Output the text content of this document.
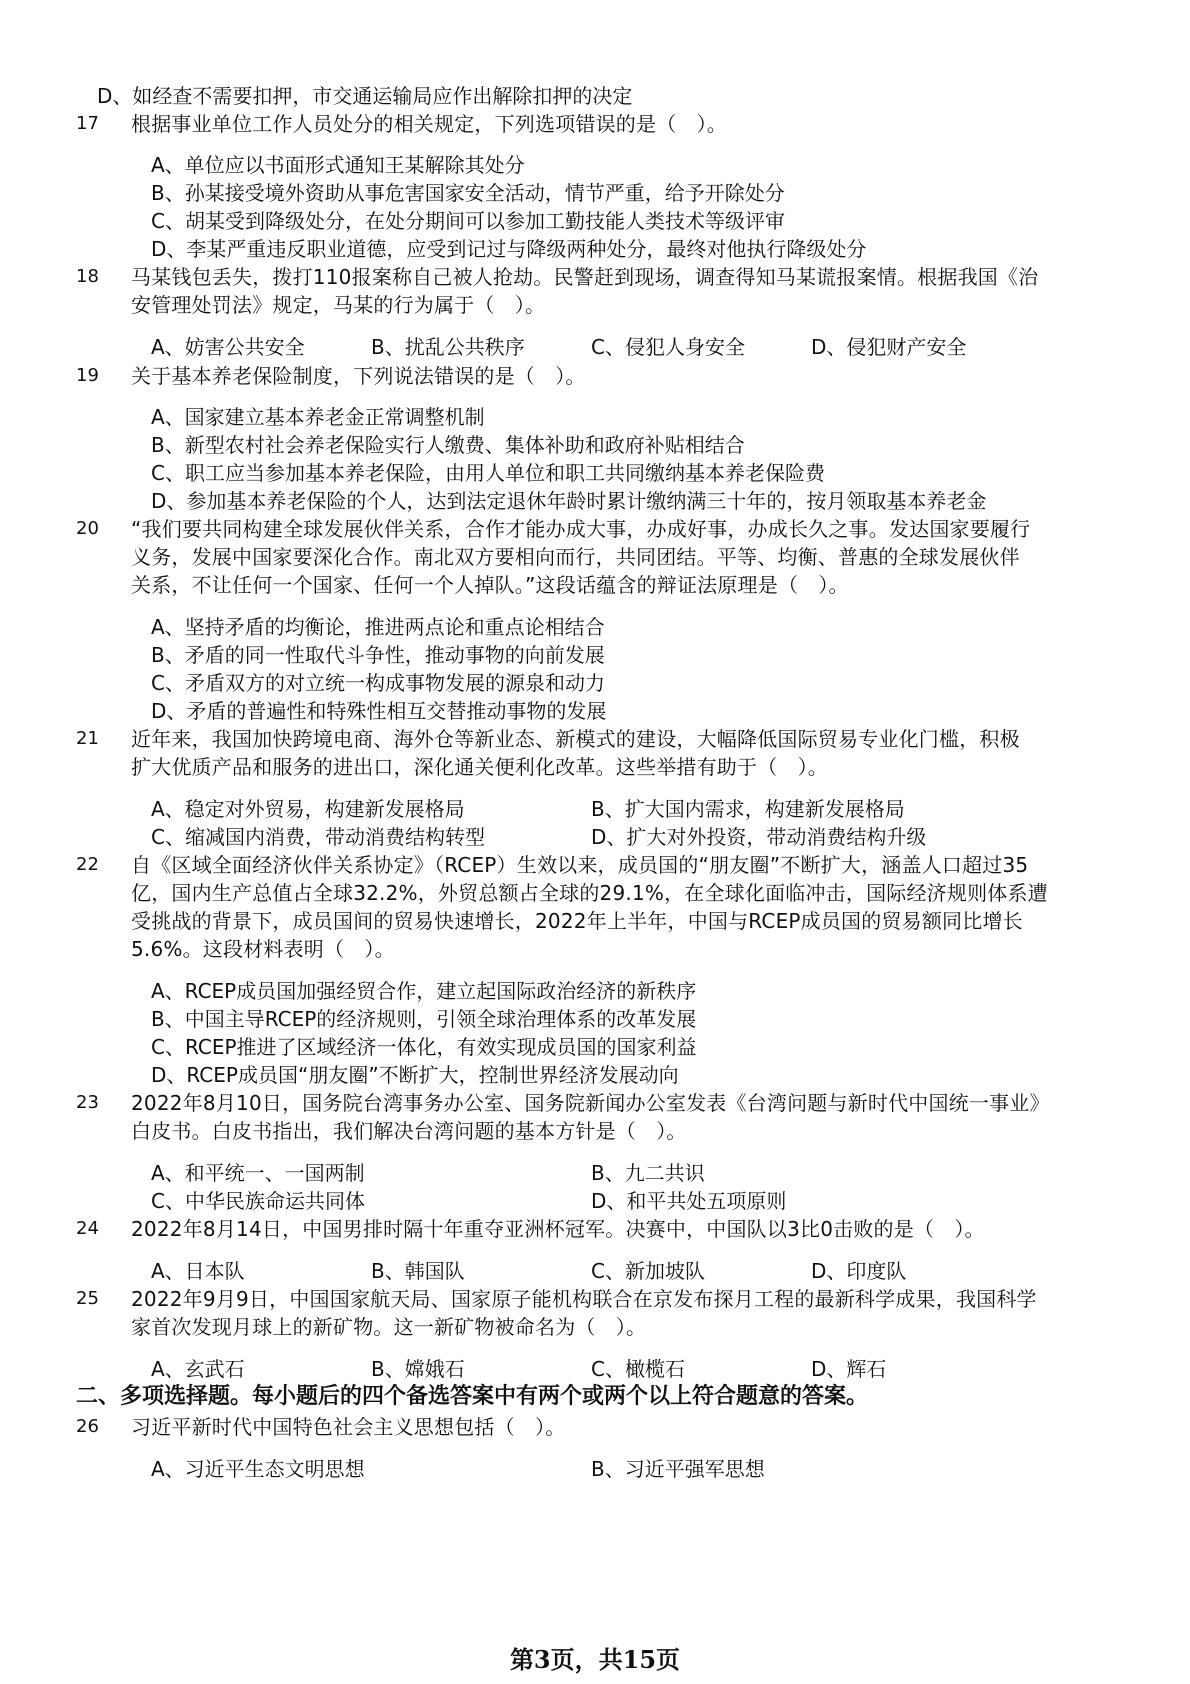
D、如经查不需要扣押，市交通运输局应作出解除扣押的决定
17 根据事业单位工作人员处分的相关规定，下列选项错误的是（　）。
A、单位应以书面形式通知王某解除其处分
B、孙某接受境外资助从事危害国家安全活动，情节严重，给予开除处分
C、胡某受到降级处分，在处分期间可以参加工勤技能人类技术等级评审
D、李某严重违反职业道德，应受到记过与降级两种处分，最终对他执行降级处分
18 马某钱包丢失，拨打110报案称自己被人抢劫。民警赶到现场，调查得知马某谎报案情。根据我国《治
安管理处罚法》规定，马某的行为属于（　）。
A、妨害公共安全	B、扰乱公共秩序	C、侵犯人身安全	D、侵犯财产安全
19 关于基本养老保险制度，下列说法错误的是（　）。
A、国家建立基本养老金正常调整机制
B、新型农村社会养老保险实行人缴费、集体补助和政府补贴相结合
C、职工应当参加基本养老保险，由用人单位和职工共同缴纳基本养老保险费
D、参加基本养老保险的个人，达到法定退休年龄时累计缴纳满三十年的，按月领取基本养老金
20 “我们要共同构建全球发展伙伴关系，合作才能办成大事，办成好事，办成长久之事。发达国家要履行
义务，发展中国家要深化合作。南北双方要相向而行，共同团结。平等、均衡、普惠的全球发展伙伴
关系，不让任何一个国家、任何一个人掉队。”这段话蕴含的辩证法原理是（　）。
A、坚持矛盾的均衡论，推进两点论和重点论相结合
B、矛盾的同一性取代斗争性，推动事物的向前发展
C、矛盾双方的对立统一构成事物发展的源泉和动力
D、矛盾的普遍性和特殊性相互交替推动事物的发展
21 近年来，我国加快跨境电商、海外仓等新业态、新模式的建设，大幅降低国际贸易专业化门槛，积极
扩大优质产品和服务的进出口，深化通关便利化改革。这些举措有助于（　）。
A、稳定对外贸易，构建新发展格局	B、扩大国内需求，构建新发展格局
C、缩减国内消费，带动消费结构转型	D、扩大对外投资，带动消费结构升级
22 自《区域全面经济伙伴关系协定》（RCEP）生效以来，成员国的“朋友圈”不断扩大，涵盖人口超过35
亿，国内生产总值占全球32.2%，外贸总额占全球的29.1%，在全球化面临冲击，国际经济规则体系遭
受挑战的背景下，成员国间的贸易快速增长，2022年上半年，中国与RCEP成员国的贸易额同比增长
5.6%。这段材料表明（　）。
A、RCEP成员国加强经贸合作，建立起国际政治经济的新秩序
B、中国主导RCEP的经济规则，引领全球治理体系的改革发展
C、RCEP推进了区域经济一体化，有效实现成员国的国家利益
D、RCEP成员国“朋友圈”不断扩大，控制世界经济发展动向
23 2022年8月10日，国务院台湾事务办公室、国务院新闻办公室发表《台湾问题与新时代中国统一事业》
白皮书。白皮书指出，我们解决台湾问题的基本方针是（　）。
A、和平统一、一国两制	B、九二共识
C、中华民族命运共同体	D、和平共处五项原则
24 2022年8月14日，中国男排时隔十年重夺亚洲杯冠军。决赛中，中国队以3比0击败的是（　）。
A、日本队	B、韩国队	C、新加坡队	D、印度队
25 2022年9月9日，中国国家航天局、国家原子能机构联合在京发布探月工程的最新科学成果，我国科学
家首次发现月球上的新矿物。这一新矿物被命名为（　）。
A、玄武石	B、嫦娥石	C、橄榄石	D、辉石
二、多项选择题。每小题后的四个备选答案中有两个或两个以上符合题意的答案。
26 习近平新时代中国特色社会主义思想包括（　）。
A、习近平生态文明思想	B、习近平强军思想
第3页，共15页
